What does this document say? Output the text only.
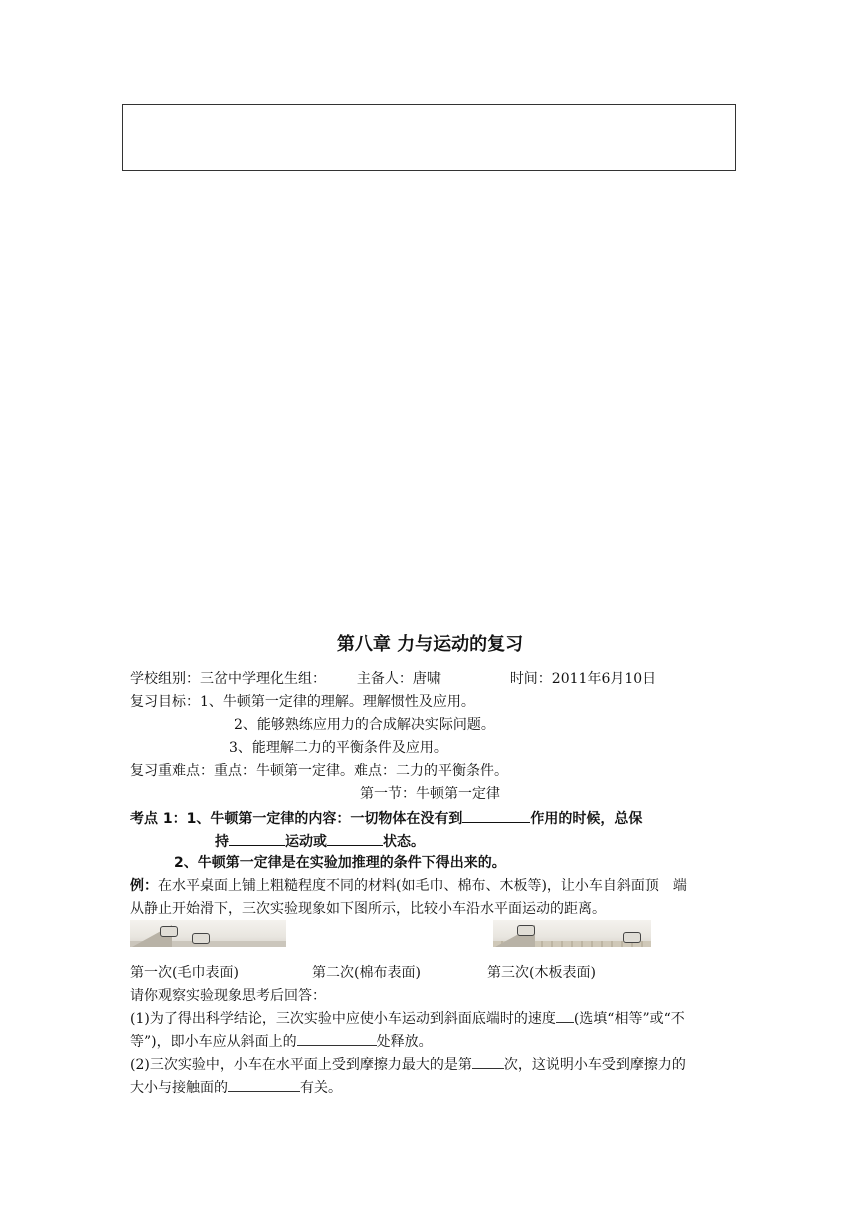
第八章 力与运动的复习
学校组别：三岔中学理化生组： 主备人：唐啸	时间：2011年6月10日
复习目标：1、牛顿第一定律的理解。理解惯性及应用。
2、能够熟练应用力的合成解决实际问题。
3、能理解二力的平衡条件及应用。
复习重难点：重点：牛顿第一定律。难点：二力的平衡条件。
第一节：牛顿第一定律
考点 1：1、牛顿第一定律的内容：一切物体在没有到	作用的时候，总保
持	运动或	状态。
2、牛顿第一定律是在实验加推理的条件下得出来的。
例：在水平桌面上铺上粗糙程度不同的材料(如毛巾、棉布、木板等)，让小车自斜面顶　端
从静止开始滑下，三次实验现象如下图所示，比较小车沿水平面运动的距离。
第一次(毛巾表面)	第二次(棉布表面)	第三次(木板表面)
请你观察实验现象思考后回答：
(1)为了得出科学结论，三次实验中应使小车运动到斜面底端时的速度 (选填“相等”或“不
等”)，即小车应从斜面上的	处释放。
(2)三次实验中，小车在水平面上受到摩擦力最大的是第 次，这说明小车受到摩擦力的
大小与接触面的	有关。
